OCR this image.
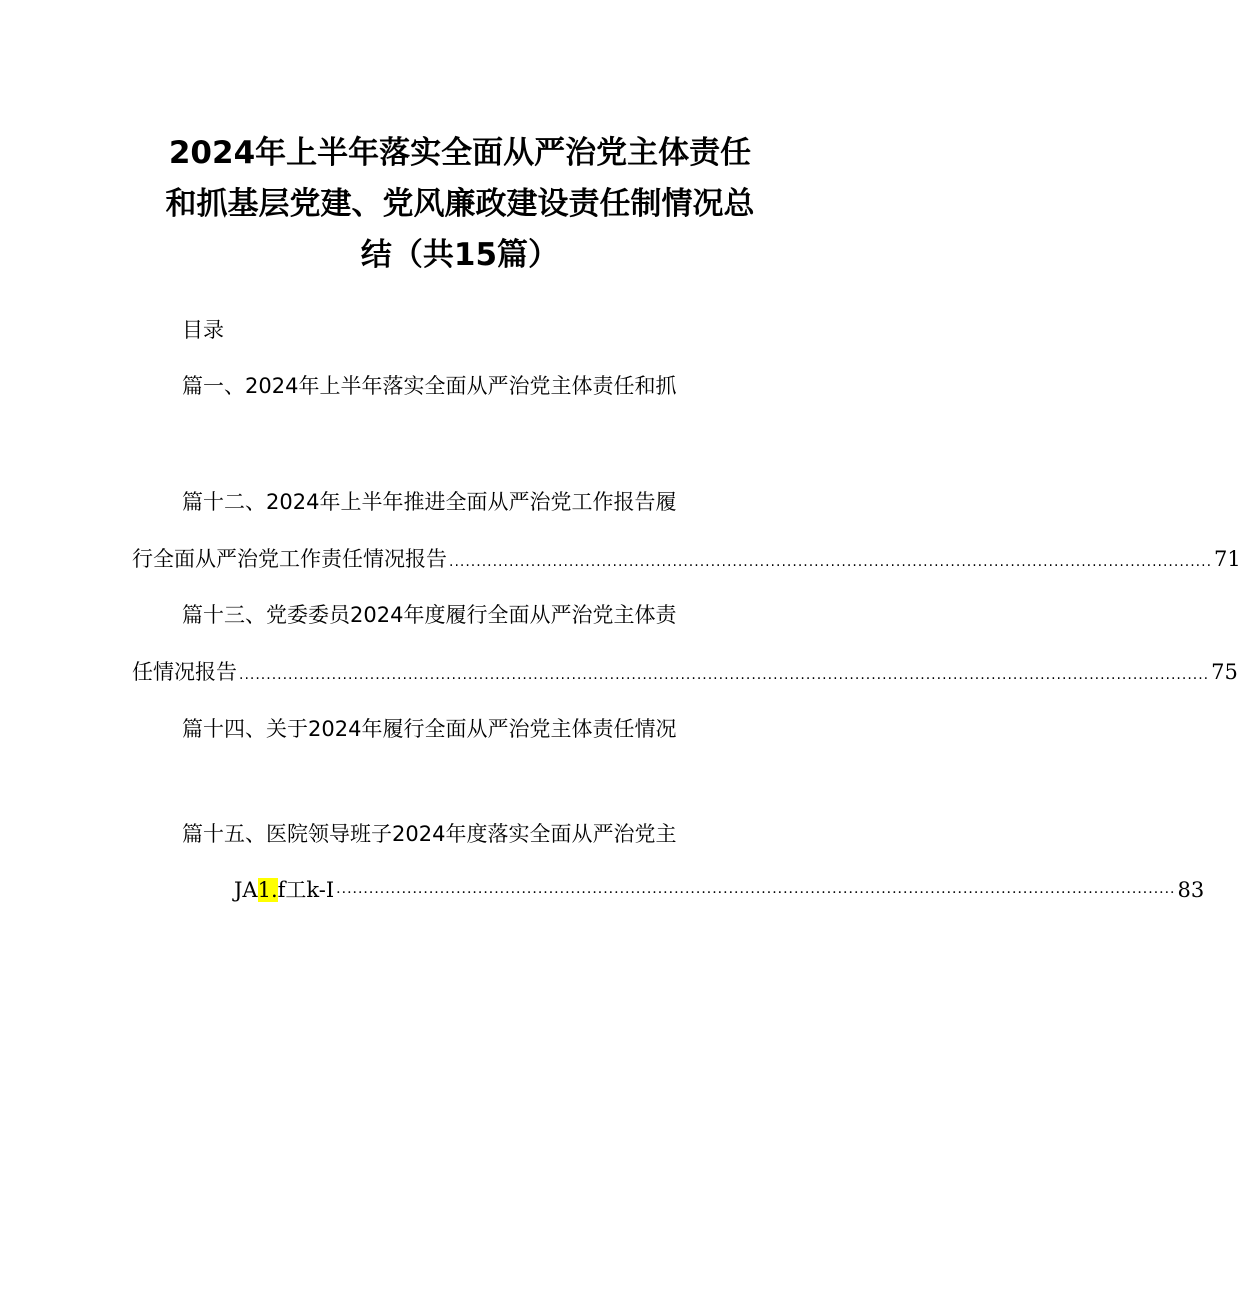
2024年上半年落实全面从严治党主体责任
和抓基层党建、党风廉政建设责任制情况总
结（共15篇）
目录
篇一、2024年上半年落实全面从严治党主体责任和抓
篇十二、2024年上半年推进全面从严治党工作报告履
行全面从严治党工作责任情况报告 ............................................................................................................................................ 71
篇十三、党委委员2024年度履行全面从严治党主体责
任情况报告 .................................................................................................................................................................................. 75
篇十四、关于2024年履行全面从严治党主体责任情况
篇十五、医院领导班子2024年度落实全面从严治党主
JA1.f工k-I ·························································································································································· 83
